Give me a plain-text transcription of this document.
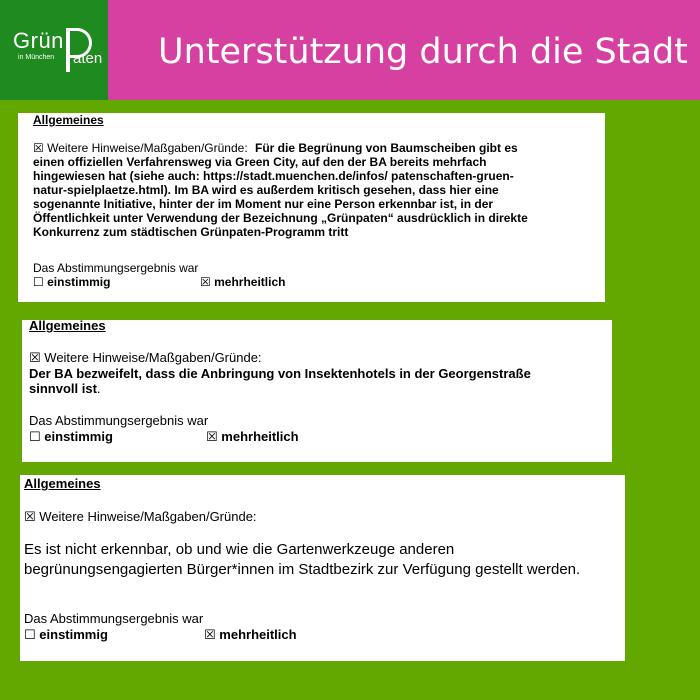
Grün
in München aten Unterstützung durch die Stadt
Allgemeines
☒ Weitere Hinweise/Maßgaben/Gründe: Für die Begrünung von Baumscheiben gibt es
einen offiziellen Verfahrensweg via Green City, auf den der BA bereits mehrfach
hingewiesen hat (siehe auch: https://stadt.muenchen.de/infos/ patenschaften-gruen-
natur-spielplaetze.html). Im BA wird es außerdem kritisch gesehen, dass hier eine
sogenannte Initiative, hinter der im Moment nur eine Person erkennbar ist, in der
Öffentlichkeit unter Verwendung der Bezeichnung „Grünpaten“ ausdrücklich in direkte
Konkurrenz zum städtischen Grünpaten-Programm tritt
Das Abstimmungsergebnis war
☐ einstimmig	☒ mehrheitlich
Allgemeines
☒ Weitere Hinweise/Maßgaben/Gründe:
Der BA bezweifelt, dass die Anbringung von Insektenhotels in der Georgenstraße
sinnvoll ist.
Das Abstimmungsergebnis war
☐ einstimmig	☒ mehrheitlich
Allgemeines
☒ Weitere Hinweise/Maßgaben/Gründe:
Es ist nicht erkennbar, ob und wie die Gartenwerkzeuge anderen
begrünungsengagierten Bürger*innen im Stadtbezirk zur Verfügung gestellt werden.
Das Abstimmungsergebnis war
☐ einstimmig	☒ mehrheitlich
